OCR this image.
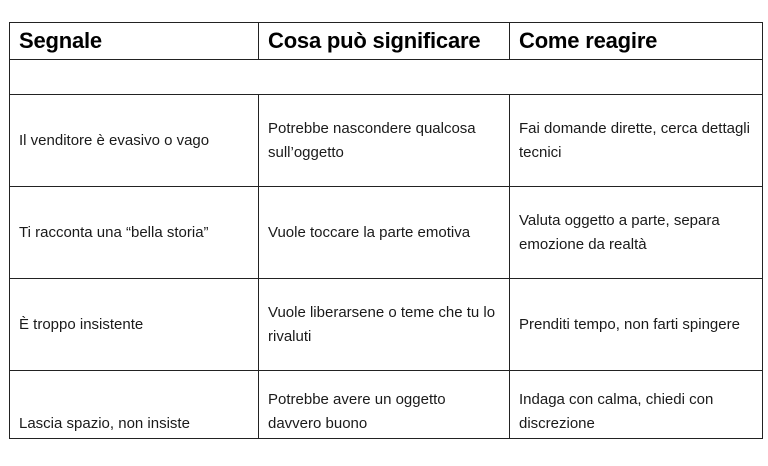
Segnale	Cosa può significare	Come reagire

Il venditore è evasivo o vago	Potrebbe nascondere qualcosa sull’oggetto	Fai domande dirette, cerca dettagli tecnici
Ti racconta una “bella storia”	Vuole toccare la parte emotiva	Valuta oggetto a parte, separa emozione da realtà
È troppo insistente	Vuole liberarsene o teme che tu lo rivaluti	Prenditi tempo, non farti spingere
Lascia spazio, non insiste	Potrebbe avere un oggetto davvero buono	Indaga con calma, chiedi con discrezione
